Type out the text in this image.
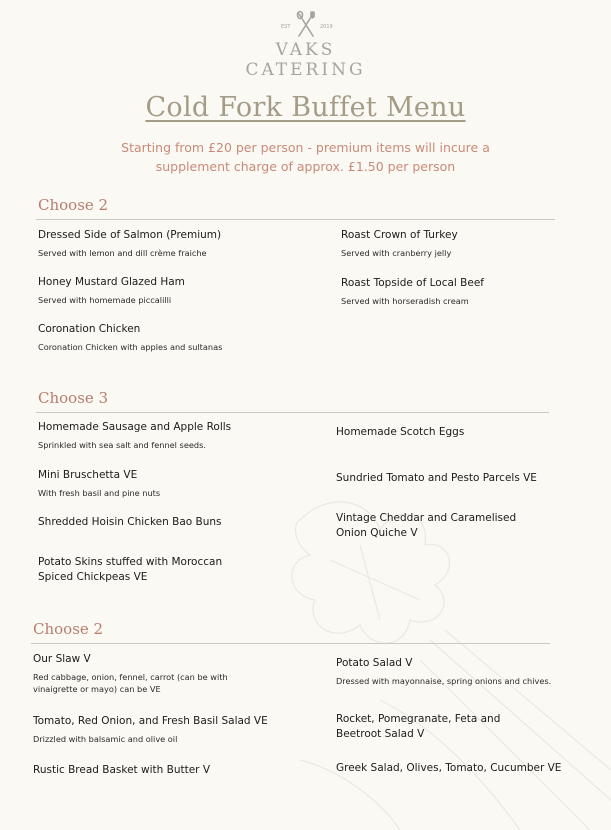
EST	2019
VAKS
CATERING
Cold Fork Buffet Menu
Starting from £20 per person - premium items will incure a supplement charge of approx. £1.50 per person
Choose 2
Dressed Side of Salmon (Premium)
Served with lemon and dill crème fraiche
Honey Mustard Glazed Ham
Served with homemade piccalilli
Coronation Chicken
Coronation Chicken with apples and sultanas
Roast Crown of Turkey
Served with cranberry jelly
Roast Topside of Local Beef
Served with horseradish cream
Choose 3
Homemade Sausage and Apple Rolls
Sprinkled with sea salt and fennel seeds.
Mini Bruschetta VE
With fresh basil and pine nuts
Shredded Hoisin Chicken Bao Buns
Potato Skins stuffed with Moroccan
Spiced Chickpeas VE
Homemade Scotch Eggs
Sundried Tomato and Pesto Parcels VE
Vintage Cheddar and Caramelised
Onion Quiche V
Choose 2
Our Slaw V
Red cabbage, onion, fennel, carrot (can be with
vinaigrette or mayo) can be VE
Tomato, Red Onion, and Fresh Basil Salad VE
Drizzled with balsamic and olive oil
Rustic Bread Basket with Butter V
Potato Salad V
Dressed with mayonnaise, spring onions and chives.
Rocket, Pomegranate, Feta and
Beetroot Salad V
Greek Salad, Olives, Tomato, Cucumber VE
